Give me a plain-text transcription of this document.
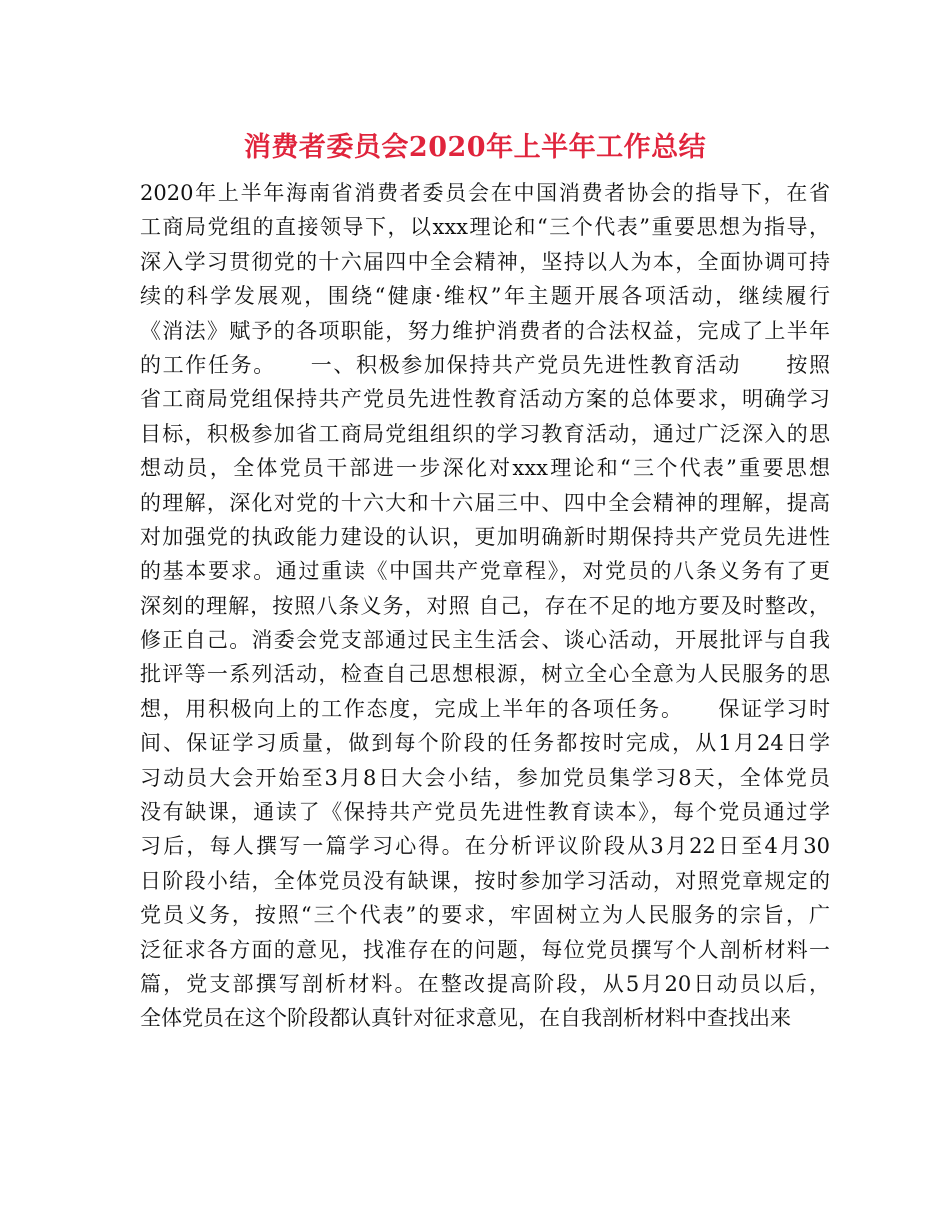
消费者委员会2020年上半年工作总结
2020年上半年海南省消费者委员会在中国消费者协会的指导下，在省
工商局党组的直接领导下，以xxx理论和“三个代表”重要思想为指导，
深入学习贯彻党的十六届四中全会精神，坚持以人为本，全面协调可持
续的科学发展观，围绕“健康·维权”年主题开展各项活动，继续履行
《消法》赋予的各项职能，努力维护消费者的合法权益，完成了上半年
的工作任务。　　一、积极参加保持共产党员先进性教育活动　　按照
省工商局党组保持共产党员先进性教育活动方案的总体要求，明确学习
目标，积极参加省工商局党组组织的学习教育活动，通过广泛深入的思
想动员，全体党员干部进一步深化对xxx理论和“三个代表”重要思想
的理解，深化对党的十六大和十六届三中、四中全会精神的理解，提高
对加强党的执政能力建设的认识，更加明确新时期保持共产党员先进性
的基本要求。通过重读《中国共产党章程》，对党员的八条义务有了更
深刻的理解，按照八条义务，对照 自己，存在不足的地方要及时整改，
修正自己。消委会党支部通过民主生活会、谈心活动，开展批评与自我
批评等一系列活动，检查自己思想根源，树立全心全意为人民服务的思
想，用积极向上的工作态度，完成上半年的各项任务。　　保证学习时
间、保证学习质量，做到每个阶段的任务都按时完成，从1月24日学
习动员大会开始至3月8日大会小结，参加党员集学习8天，全体党员
没有缺课，通读了《保持共产党员先进性教育读本》，每个党员通过学
习后，每人撰写一篇学习心得。在分析评议阶段从3月22日至4月30
日阶段小结，全体党员没有缺课，按时参加学习活动，对照党章规定的
党员义务，按照“三个代表”的要求，牢固树立为人民服务的宗旨，广
泛征求各方面的意见，找准存在的问题，每位党员撰写个人剖析材料一
篇，党支部撰写剖析材料。在整改提高阶段，从5月20日动员以后，
全体党员在这个阶段都认真针对征求意见，在自我剖析材料中查找出来
